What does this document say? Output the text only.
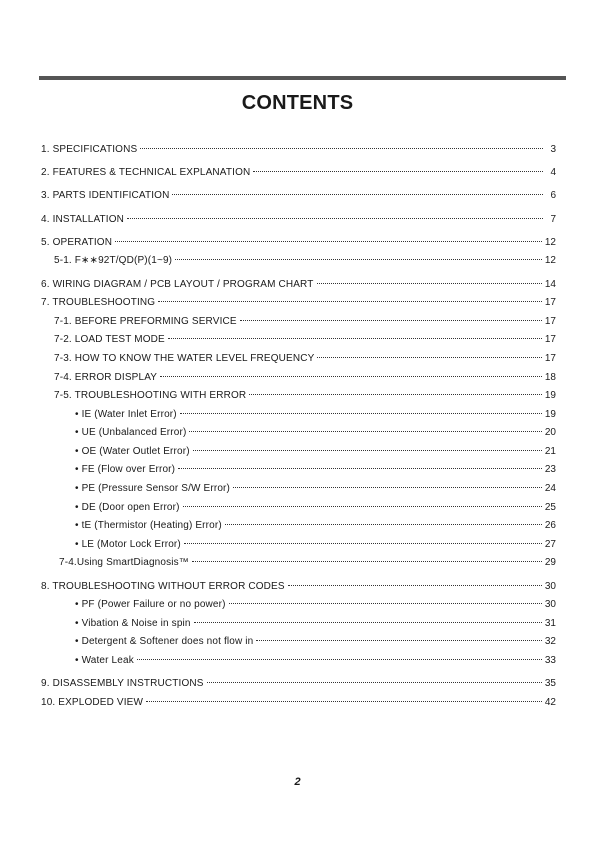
CONTENTS
1. SPECIFICATIONS	3
2. FEATURES & TECHNICAL EXPLANATION	4
3. PARTS IDENTIFICATION	6
4. INSTALLATION	7
5. OPERATION	12
5-1. F∗∗92T/QD(P)(1~9)	12
6. WIRING DIAGRAM / PCB LAYOUT / PROGRAM CHART	14
7. TROUBLESHOOTING	17
7-1. BEFORE PREFORMING SERVICE	17
7-2. LOAD TEST MODE	17
7-3. HOW TO KNOW THE WATER LEVEL FREQUENCY	17
7-4. ERROR DISPLAY	18
7-5. TROUBLESHOOTING WITH ERROR	19
• IE (Water Inlet Error)	19
• UE (Unbalanced Error)	20
• OE (Water Outlet Error)	21
• FE (Flow over Error)	23
• PE (Pressure Sensor S/W Error)	24
• DE (Door open Error)	25
• tE (Thermistor (Heating) Error)	26
• LE (Motor Lock Error)	27
7-4.Using SmartDiagnosis™	29
8. TROUBLESHOOTING WITHOUT ERROR CODES	30
• PF (Power Failure or no power)	30
• Vibation & Noise in spin	31
• Detergent & Softener does not flow in	32
• Water Leak	33
9. DISASSEMBLY INSTRUCTIONS	35
10. EXPLODED VIEW	42
2
